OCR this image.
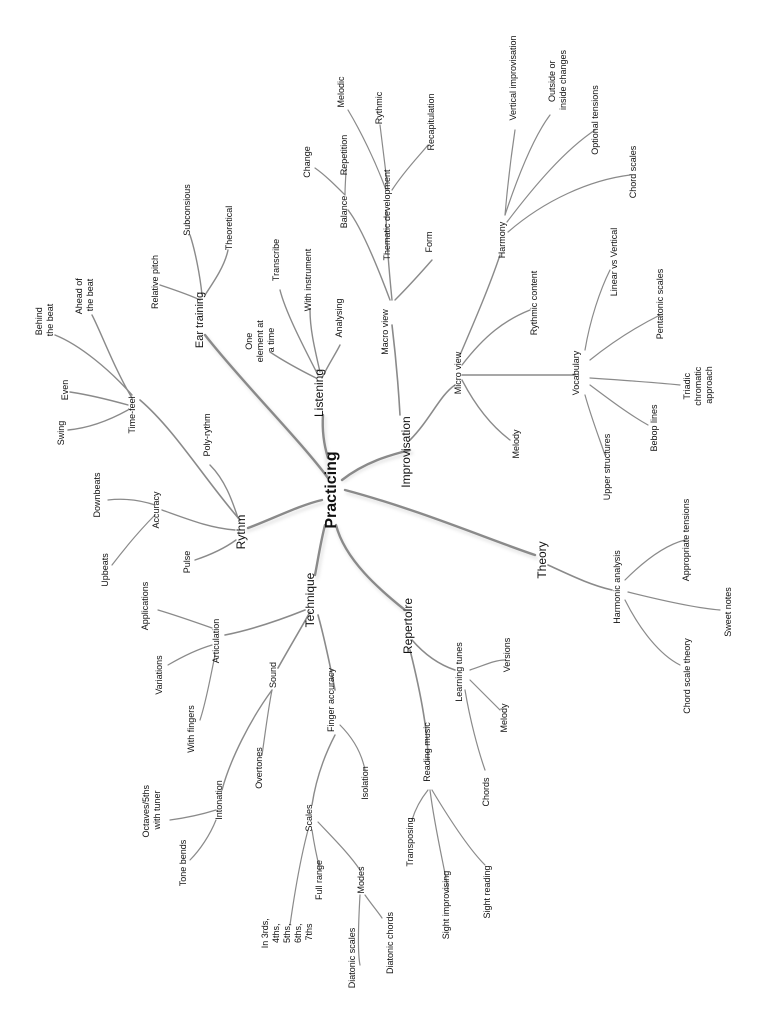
Practicing
Rythm
Time-feel
Behind the beat
Ahead of the beat
Even
Swing	Poly-rythm
Accuracy
Downbeats
Upbeats	Pulse
Ear training
Relative pitch
Subconsious	Theoretical
Listening
Transcribe With instrument
Analysing
One element at a time
Improvisation
Macro view
Balance
Change	Repetition
Thematic development
Melodic	Rythmic	Recapitulation
Form
Micro view
Harmony
Vertical improvisation	Outside or inside changes
Optional tensions
Chord scales
Rythmic content
Vocabulary
Linear vs Vertical
Pentatonic scales
Triadic chromatic approach
Bebop lines
Upper structures
Melody
Theory	Harmonic analysis
Appropriate tensions
Sweet notes
Chord scale theory
Repertoire
Learning tunes	Versions
Melody
Chords
Reading music
Transposing
Sight improvising	Sight reading
Technique
Articulation
Applications
Variations
With fingers
Sound
Intonation
Octaves/5ths with tuner
Tone bends
Overtones
Finger accuracy
Isolation
Scales
In 3rds, 4ths, 5ths, 6ths, 7ths
Full range	Modes
Diatonic scales	Diatonic chords
